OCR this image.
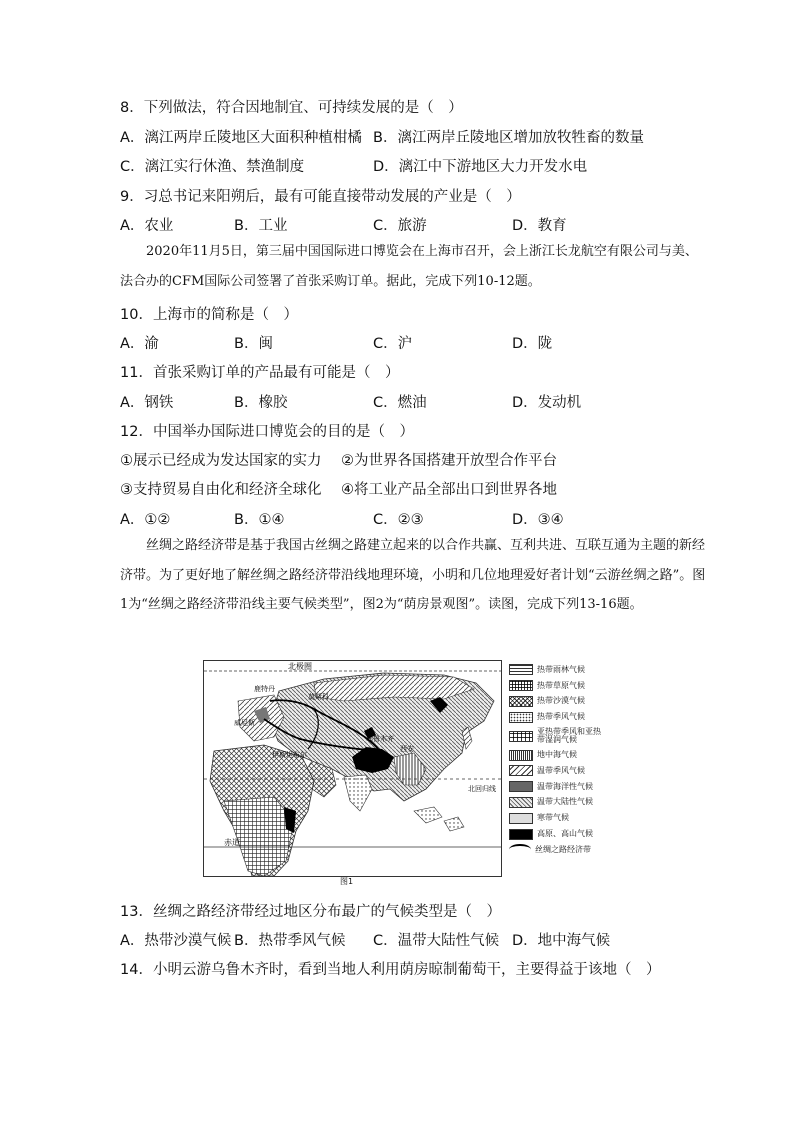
8．下列做法，符合因地制宜、可持续发展的是（　）
A．漓江两岸丘陵地区大面积种植柑橘 B．漓江两岸丘陵地区增加放牧牲畜的数量
C．漓江实行休渔、禁渔制度	D．漓江中下游地区大力开发水电
9．习总书记来阳朔后，最有可能直接带动发展的产业是（　）
A．农业	B．工业	C．旅游	D．教育
2020年11月5日，第三届中国国际进口博览会在上海市召开，会上浙江长龙航空有限公司与美、法合办的CFM国际公司签署了首张采购订单。据此，完成下列10-12题。
10．上海市的简称是（　）
A．渝	B．闽	C．沪	D．陇
11．首张采购订单的产品最有可能是（　）
A．钢铁	B．橡胶	C．燃油	D．发动机
12．中国举办国际进口博览会的目的是（　）
①展示已经成为发达国家的实力 ②为世界各国搭建开放型合作平台
③支持贸易自由化和经济全球化 ④将工业产品全部出口到世界各地
A．①②	B．①④	C．②③	D．③④
丝绸之路经济带是基于我国古丝绸之路建立起来的以合作共赢、互利共进、互联互通为主题的新经济带。为了更好地了解丝绸之路经济带沿线地理环境，小明和几位地理爱好者计划“云游丝绸之路”。图1为“丝绸之路经济带沿线主要气候类型”，图2为“荫房景观图”。读图，完成下列13-16题。
北极圈
莫斯科
乌鲁木齐
西安
北回归线
赤道
鹿特丹
威尼斯
伊斯坦布尔
热带雨林气候
热带草原气候
热带沙漠气候
热带季风气候
亚热带季风和亚热带湿润气候
地中海气候
温带季风气候
温带海洋性气候
温带大陆性气候
寒带气候
高原、高山气候
丝绸之路经济带
图1
13．丝绸之路经济带经过地区分布最广的气候类型是（　）
A．热带沙漠气候 B．热带季风气候 C．温带大陆性气候 D．地中海气候
14．小明云游乌鲁木齐时，看到当地人利用荫房晾制葡萄干，主要得益于该地（　）
